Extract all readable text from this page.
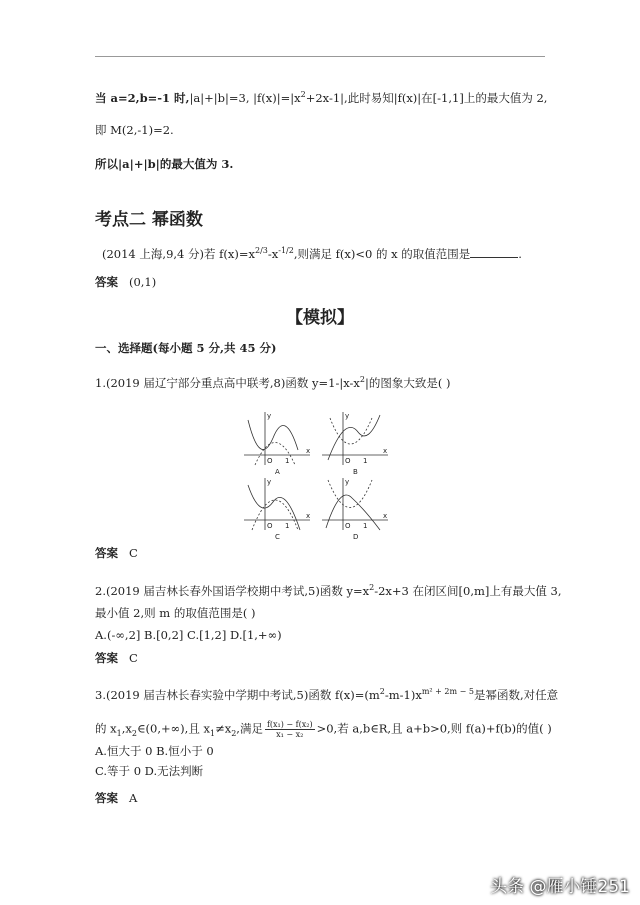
当 a=2,b=-1 时,|a|+|b|=3, $|f(x)|=|x^2+2x-1|$,此时易知|f(x)|在[-1,1]上的最大值为 2,
即 M(2,-1)=2.
所以|a|+|b|的最大值为 3.
考点二 幂函数
(2014 上海,9,4 分)若 $f(x)=x^{2/3}-x^{-1/2}$,则满足 f(x)<0 的 x 的取值范围是	.
答案 (0,1)
【模拟】
一、选择题(每小题 5 分,共 45 分)
1.(2019 届辽宁部分重点高中联考,8)函数 $y=1-|x-x^2|$的图象大致是( )
A	B
C	D
O	O
O	O
1	1
1	1
x	x
x	x
y	y
y	y
答案 C
2.(2019 届吉林长春外国语学校期中考试,5)函数 $y=x^2-2x+3$ 在闭区间[0,m]上有最大值 3,
最小值 2,则 m 的取值范围是( )
A.(-∞,2] B.[0,2] C.[1,2] D.[1,+∞)
答案 C
3.(2019 届吉林长春实验中学期中考试,5)函数 $f(x)=(m^2-m-1)x^{m^2 + 2m - 5}$是幂函数,对任意
的 $x_1,x_2\in(0,+\infty)$,且 $x_1\ne x_2$,满足 $\frac{\text{f(x₁) − f(x₂)}}{\text{x₁ − x₂}} >0$,若 a,b∈R,且 a+b>0,则 f(a)+f(b)的值( )
A.恒大于 0 B.恒小于 0
C.等于 0 D.无法判断
答案 A
头条 @雁小锤251
